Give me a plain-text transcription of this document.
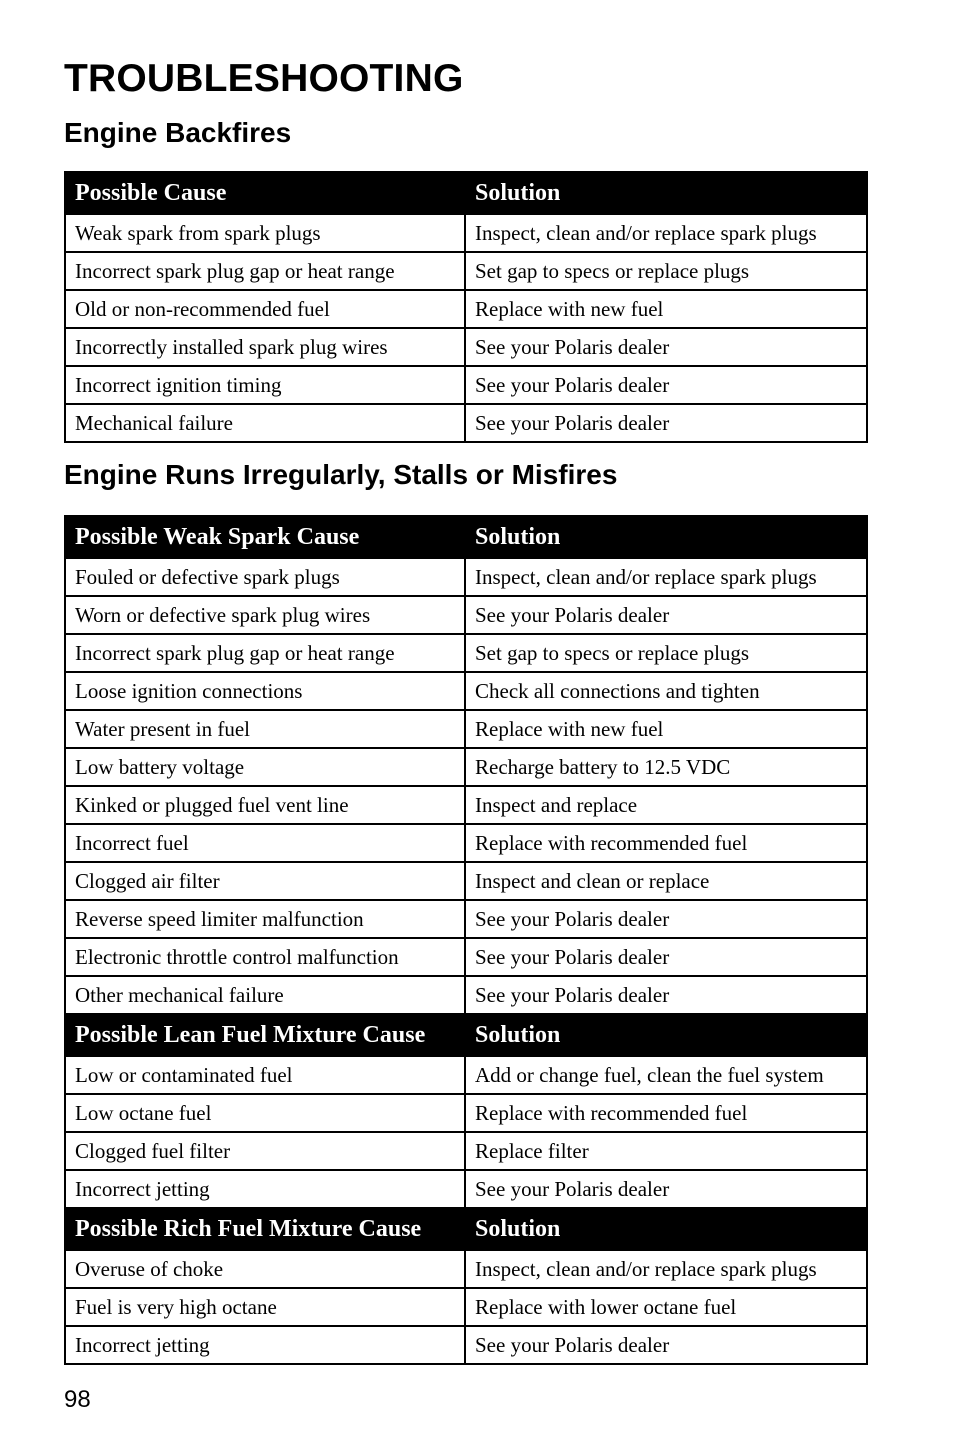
TROUBLESHOOTING
Engine Backfires
Possible Cause	Solution
Weak spark from spark plugs	Inspect, clean and/or replace spark plugs
Incorrect spark plug gap or heat range	Set gap to specs or replace plugs
Old or non-recommended fuel	Replace with new fuel
Incorrectly installed spark plug wires	See your Polaris dealer
Incorrect ignition timing	See your Polaris dealer
Mechanical failure	See your Polaris dealer
Engine Runs Irregularly, Stalls or Misfires
Possible Weak Spark Cause	Solution
Fouled or defective spark plugs	Inspect, clean and/or replace spark plugs
Worn or defective spark plug wires	See your Polaris dealer
Incorrect spark plug gap or heat range	Set gap to specs or replace plugs
Loose ignition connections	Check all connections and tighten
Water present in fuel	Replace with new fuel
Low battery voltage	Recharge battery to 12.5 VDC
Kinked or plugged fuel vent line	Inspect and replace
Incorrect fuel	Replace with recommended fuel
Clogged air filter	Inspect and clean or replace
Reverse speed limiter malfunction	See your Polaris dealer
Electronic throttle control malfunction	See your Polaris dealer
Other mechanical failure	See your Polaris dealer
Possible Lean Fuel Mixture Cause	Solution
Low or contaminated fuel	Add or change fuel, clean the fuel system
Low octane fuel	Replace with recommended fuel
Clogged fuel filter	Replace filter
Incorrect jetting	See your Polaris dealer
Possible Rich Fuel Mixture Cause	Solution
Overuse of choke	Inspect, clean and/or replace spark plugs
Fuel is very high octane	Replace with lower octane fuel
Incorrect jetting	See your Polaris dealer
98
